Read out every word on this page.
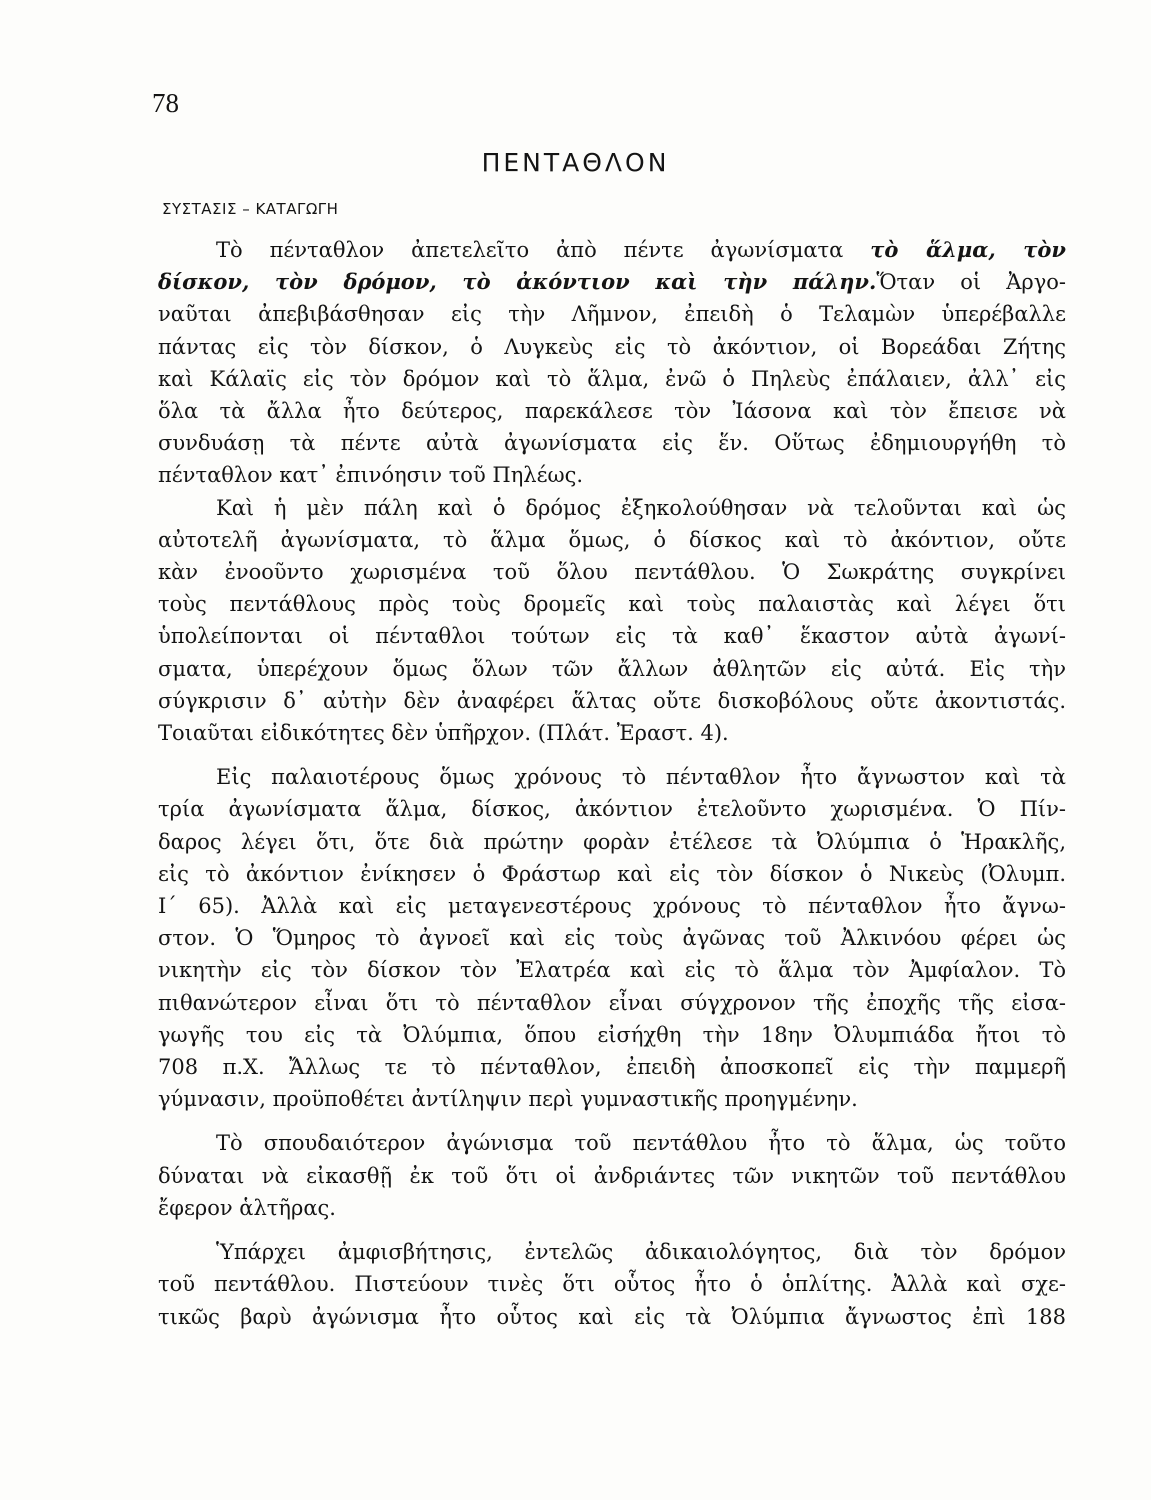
78
ΠΕΝΤΑΘΛΟΝ
ΣΥΣΤΑΣΙΣ – ΚΑΤΑΓΩΓΗ
Τὸ πένταθλον ἀπετελεῖτο ἀπὸ πέντε ἀγωνίσματα τὸ ἅλμα, τὸν
δίσκον, τὸν δρόμον, τὸ ἀκόντιον καὶ τὴν πάλην.Ὅταν οἱ Ἀργο-
ναῦται ἀπεβιβάσθησαν εἰς τὴν Λῆμνον, ἐπειδὴ ὁ Τελαμὼν ὑπερέβαλλε
πάντας εἰς τὸν δίσκον, ὁ Λυγκεὺς εἰς τὸ ἀκόντιον, οἱ Βορεάδαι Ζήτης
καὶ Κάλαϊς εἰς τὸν δρόμον καὶ τὸ ἅλμα, ἐνῶ ὁ Πηλεὺς ἐπάλαιεν, ἀλλ᾽ εἰς
ὅλα τὰ ἄλλα ἦτο δεύτερος, παρεκάλεσε τὸν Ἰάσονα καὶ τὸν ἔπεισε νὰ
συνδυάσῃ τὰ πέντε αὐτὰ ἀγωνίσματα εἰς ἕν. Οὕτως ἐδημιουργήθη τὸ
πένταθλον κατ᾽ ἐπινόησιν τοῦ Πηλέως.
Καὶ ἡ μὲν πάλη καὶ ὁ δρόμος ἐξηκολούθησαν νὰ τελοῦνται καὶ ὡς
αὐτοτελῆ ἀγωνίσματα, τὸ ἅλμα ὅμως, ὁ δίσκος καὶ τὸ ἀκόντιον, οὔτε
κὰν ἐνοοῦντο χωρισμένα τοῦ ὅλου πεντάθλου. Ὁ Σωκράτης συγκρίνει
τοὺς πεντάθλους πρὸς τοὺς δρομεῖς καὶ τοὺς παλαιστὰς καὶ λέγει ὅτι
ὑπολείπονται οἱ πένταθλοι τούτων εἰς τὰ καθ᾽ ἕκαστον αὐτὰ ἀγωνί-
σματα, ὑπερέχουν ὅμως ὅλων τῶν ἄλλων ἀθλητῶν εἰς αὐτά. Εἰς τὴν
σύγκρισιν δ᾽ αὐτὴν δὲν ἀναφέρει ἅλτας οὔτε δισκοβόλους οὔτε ἀκοντιστάς.
Τοιαῦται εἰδικότητες δὲν ὑπῆρχον. (Πλάτ. Ἐραστ. 4).
Εἰς παλαιοτέρους ὅμως χρόνους τὸ πένταθλον ἦτο ἄγνωστον καὶ τὰ
τρία ἀγωνίσματα ἅλμα, δίσκος, ἀκόντιον ἐτελοῦντο χωρισμένα. Ὁ Πίν-
δαρος λέγει ὅτι, ὅτε διὰ πρώτην φορὰν ἐτέλεσε τὰ Ὀλύμπια ὁ Ἡρακλῆς,
εἰς τὸ ἀκόντιον ἐνίκησεν ὁ Φράστωρ καὶ εἰς τὸν δίσκον ὁ Νικεὺς (Ὀλυμπ.
Ι΄ 65). Ἀλλὰ καὶ εἰς μεταγενεστέρους χρόνους τὸ πένταθλον ἦτο ἄγνω-
στον. Ὁ Ὅμηρος τὸ ἀγνοεῖ καὶ εἰς τοὺς ἀγῶνας τοῦ Ἀλκινόου φέρει ὡς
νικητὴν εἰς τὸν δίσκον τὸν Ἐλατρέα καὶ εἰς τὸ ἅλμα τὸν Ἀμφίαλον. Τὸ
πιθανώτερον εἶναι ὅτι τὸ πένταθλον εἶναι σύγχρονον τῆς ἐποχῆς τῆς εἰσα-
γωγῆς του εἰς τὰ Ὀλύμπια, ὅπου εἰσήχθη τὴν 18ην Ὀλυμπιάδα ἤτοι τὸ
708 π.Χ. Ἄλλως τε τὸ πένταθλον, ἐπειδὴ ἀποσκοπεῖ εἰς τὴν παμμερῆ
γύμνασιν, προϋποθέτει ἀντίληψιν περὶ γυμναστικῆς προηγμένην.
Τὸ σπουδαιότερον ἀγώνισμα τοῦ πεντάθλου ἦτο τὸ ἅλμα, ὡς τοῦτο
δύναται νὰ εἰκασθῇ ἐκ τοῦ ὅτι οἱ ἀνδριάντες τῶν νικητῶν τοῦ πεντάθλου
ἔφερον ἁλτῆρας.
Ὑπάρχει ἀμφισβήτησις, ἐντελῶς ἀδικαιολόγητος, διὰ τὸν δρόμον
τοῦ πεντάθλου. Πιστεύουν τινὲς ὅτι οὗτος ἦτο ὁ ὁπλίτης. Ἀλλὰ καὶ σχε-
τικῶς βαρὺ ἀγώνισμα ἦτο οὗτος καὶ εἰς τὰ Ὀλύμπια ἄγνωστος ἐπὶ 188
